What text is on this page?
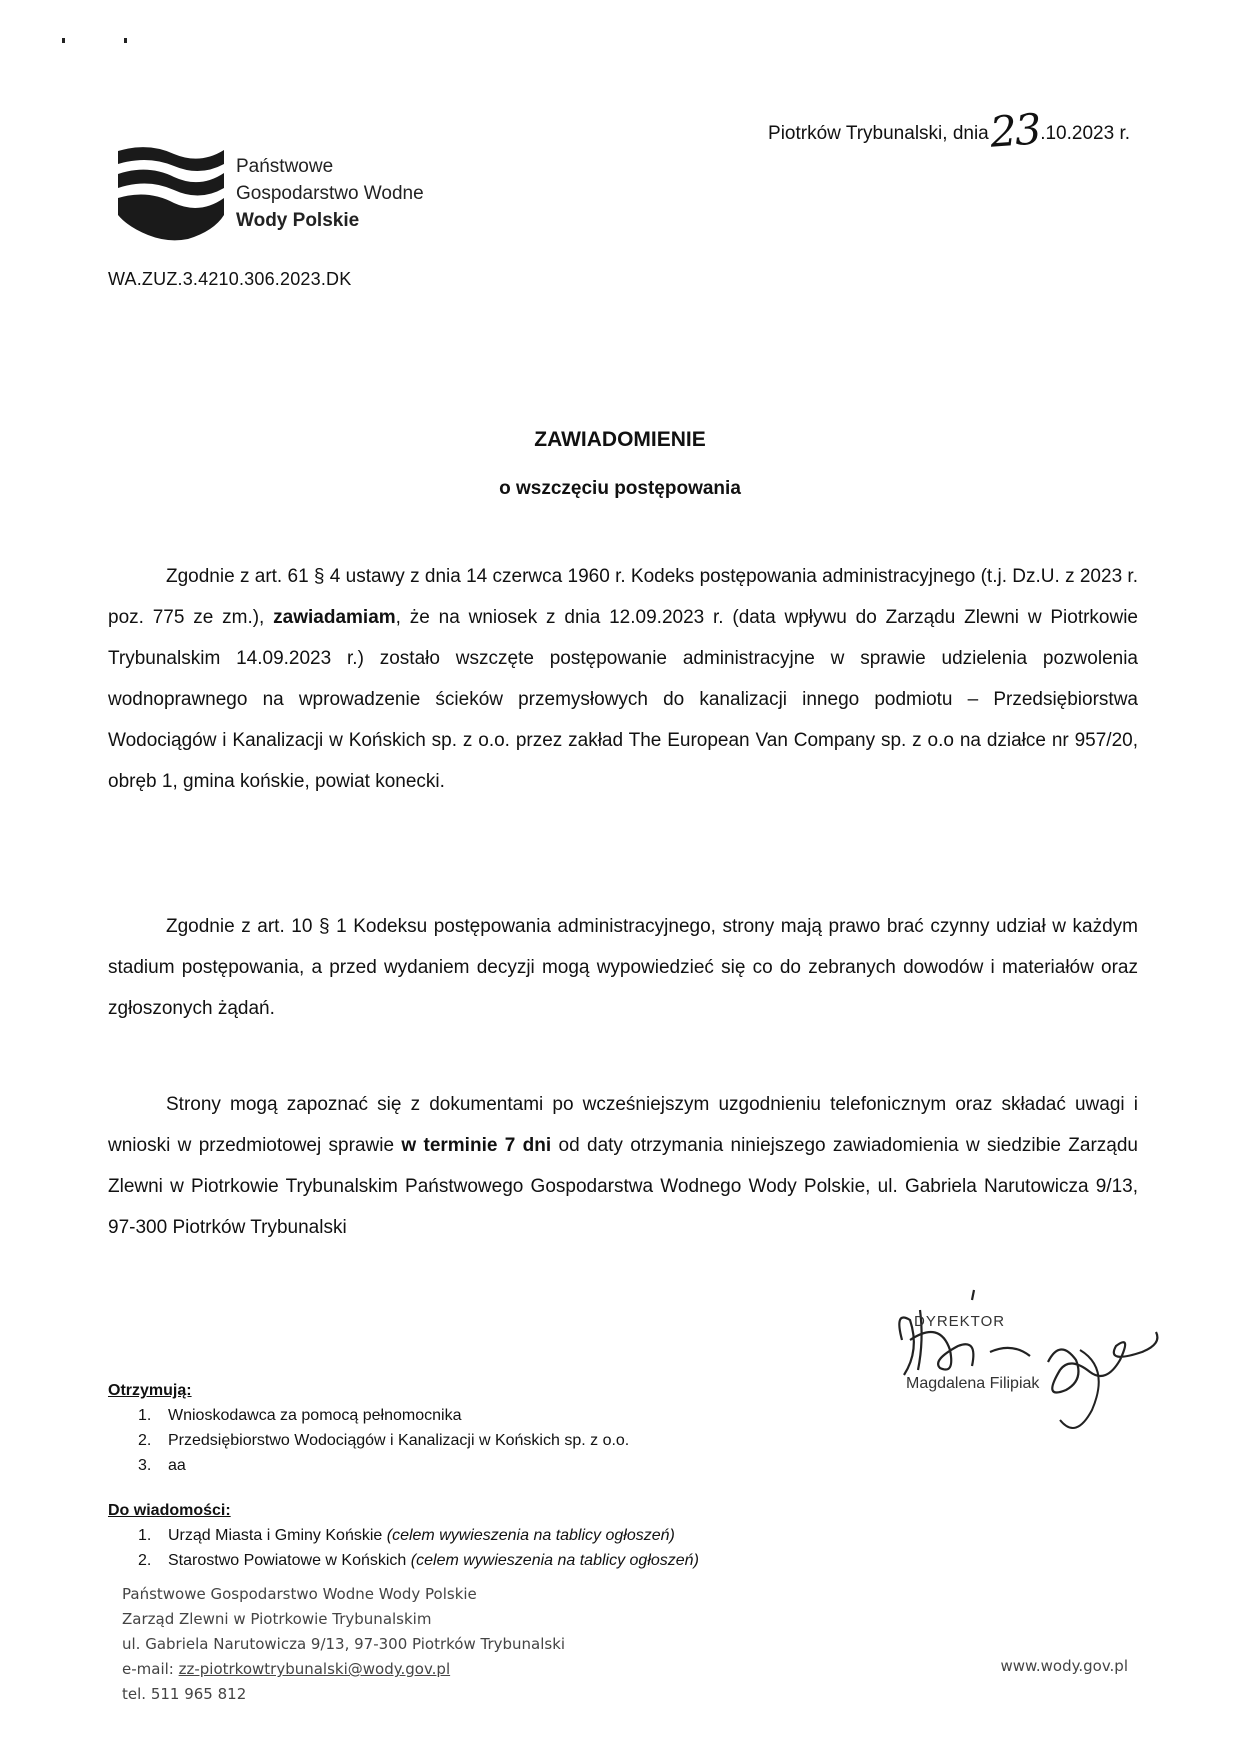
Piotrków Trybunalski, dnia23.10.2023 r.
Państwowe
Gospodarstwo Wodne
Wody Polskie
WA.ZUZ.3.4210.306.2023.DK
ZAWIADOMIENIE
o wszczęciu postępowania

Zgodnie z art. 61 § 4 ustawy z dnia 14 czerwca 1960 r. Kodeks postępowania administracyjnego (t.j. Dz.U. z 2023 r. poz. 775 ze zm.), zawiadamiam, że na wniosek z dnia 12.09.2023 r. (data wpływu do Zarządu Zlewni w Piotrkowie Trybunalskim 14.09.2023 r.) zostało wszczęte postępowanie administracyjne w sprawie udzielenia pozwolenia wodnoprawnego na wprowadzenie ścieków przemysłowych do kanalizacji innego podmiotu – Przedsiębiorstwa Wodociągów i Kanalizacji w Końskich sp. z o.o. przez zakład The European Van Company sp. z o.o na działce nr 957/20, obręb 1, gmina końskie, powiat konecki.

Zgodnie z art. 10 § 1 Kodeksu postępowania administracyjnego, strony mają prawo brać czynny udział w każdym stadium postępowania, a przed wydaniem decyzji mogą wypowiedzieć się co do zebranych dowodów i materiałów oraz zgłoszonych żądań.

Strony mogą zapoznać się z dokumentami po wcześniejszym uzgodnieniu telefonicznym oraz składać uwagi i wnioski w przedmiotowej sprawie w terminie 7 dni od daty otrzymania niniejszego zawiadomienia w siedzibie Zarządu Zlewni w Piotrkowie Trybunalskim Państwowego Gospodarstwa Wodnego Wody Polskie, ul. Gabriela Narutowicza 9/13, 97-300 Piotrków Trybunalski

DYREKTOR
Magdalena Filipiak
Otrzymują:
1. Wnioskodawca za pomocą pełnomocnika
2. Przedsiębiorstwo Wodociągów i Kanalizacji w Końskich sp. z o.o.
3. aa
Do wiadomości:
1. Urząd Miasta i Gminy Końskie (celem wywieszenia na tablicy ogłoszeń)
2. Starostwo Powiatowe w Końskich (celem wywieszenia na tablicy ogłoszeń)
Państwowe Gospodarstwo Wodne Wody Polskie
Zarząd Zlewni w Piotrkowie Trybunalskim
ul. Gabriela Narutowicza 9/13, 97-300 Piotrków Trybunalski
e-mail: zz-piotrkowtrybunalski@wody.gov.pl
tel. 511 965 812
www.wody.gov.pl
